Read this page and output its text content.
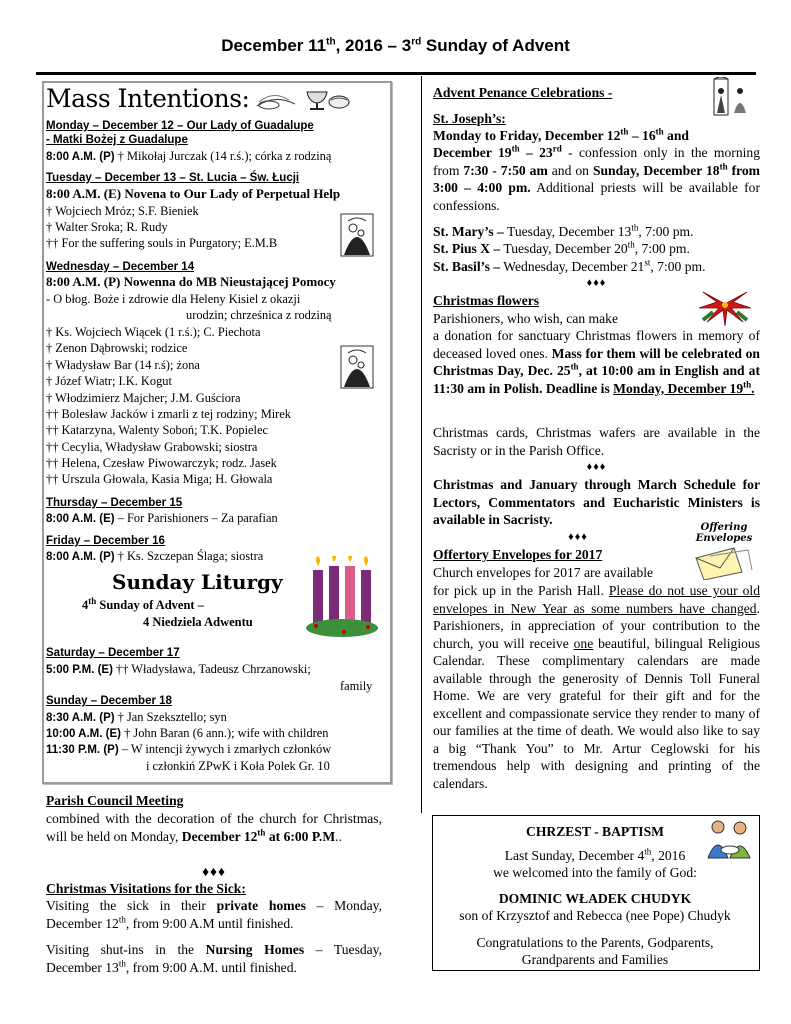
December 11th, 2016 – 3rd Sunday of Advent
Mass Intentions:
Monday – December 12 – Our Lady of Guadalupe
- Matki Bożej z Guadalupe
8:00 A.M. (P) † Mikołaj Jurczak (14 r.ś.); córka z rodziną
Tuesday – December 13 – St. Lucia – Św. Łucji
8:00 A.M. (E) Novena to Our Lady of Perpetual Help
† Wojciech Mróz; S.F. Bieniek
† Walter Sroka; R. Rudy
†† For the suffering souls in Purgatory; E.M.B
Wednesday – December 14
8:00 A.M. (P) Nowenna do MB Nieustającej Pomocy
- O błog. Boże i zdrowie dla Heleny Kisiel z okazji
urodzin; chrześnica z rodziną
† Ks. Wojciech Wiącek (1 r.ś.); C. Piechota
† Zenon Dąbrowski; rodzice
† Władysław Bar (14 r.ś); żona
† Józef Wiatr; I.K. Kogut
† Włodzimierz Majcher; J.M. Guściora
†† Bolesław Jacków i zmarli z tej rodziny; Mirek
†† Katarzyna, Walenty Soboń; T.K. Popielec
†† Cecylia, Władysław Grabowski; siostra
†† Helena, Czesław Piwowarczyk; rodz. Jasek
†† Urszula Głowala, Kasia Miga; H. Głowala
Thursday – December 15
8:00 A.M. (E) – For Parishioners – Za parafian
Friday – December 16
8:00 A.M. (P) † Ks. Szczepan Ślaga; siostra
Sunday Liturgy
4th Sunday of Advent –
4 Niedziela Adwentu
Saturday – December 17
5:00 P.M. (E) †† Władysława, Tadeusz Chrzanowski;
family
Sunday – December 18
8:30 A.M. (P) † Jan Szeksztello; syn
10:00 A.M. (E) † John Baran (6 ann.); wife with children
11:30 P.M. (P) – W intencji żywych i zmarłych członków
i członkiń ZPwK i Koła Polek Gr. 10
Parish Council Meeting
combined with the decoration of the church for Christmas, will be held on Monday, December 12th at 6:00 P.M..
♦♦♦
Christmas Visitations for the Sick:
Visiting the sick in their private homes – Monday, December 12th, from 9:00 A.M until finished.
Visiting shut-ins in the Nursing Homes – Tuesday, December 13th, from 9:00 A.M. until finished.
Advent Penance Celebrations -
St. Joseph’s:
Monday to Friday, December 12th – 16th and
December 19th – 23rd - confession only in the morning from 7:30 - 7:50 am and on Sunday, December 18th from 3:00 – 4:00 pm. Additional priests will be available for confessions.
St. Mary’s – Tuesday, December 13th, 7:00 pm.
St. Pius X – Tuesday, December 20th, 7:00 pm.
St. Basil’s – Wednesday, December 21st, 7:00 pm.
♦♦♦
Christmas flowers
Parishioners, who wish, can make
a donation for sanctuary Christmas flowers in memory of deceased loved ones. Mass for them will be celebrated on Christmas Day, Dec. 25th, at 10:00 am in English and at 11:30 am in Polish. Deadline is Monday, December 19th.
Christmas cards, Christmas wafers are available in the Sacristy or in the Parish Office.
♦♦♦
Christmas and January through March Schedule for Lectors, Commentators and Eucharistic Ministers is available in Sacristy.
♦♦♦
Offering
Envelopes
Offertory Envelopes for 2017
Church envelopes for 2017 are available
for pick up in the Parish Hall. Please do not use your old envelopes in New Year as some numbers have changed. Parishioners, in appreciation of your contribution to the church, you will receive one beautiful, bilingual Religious Calendar. These complimentary calendars are made available through the generosity of Dennis Toll Funeral Home. We are very grateful for their gift and for the excellent and compassionate service they render to many of our families at the time of death. We would also like to say a big “Thank You” to Mr. Artur Ceglowski for his tremendous help with designing and printing of the calendars.
CHRZEST - BAPTISM
Last Sunday, December 4th, 2016
we welcomed into the family of God:
DOMINIC WŁADEK CHUDYK
son of Krzysztof and Rebecca (nee Pope) Chudyk
Congratulations to the Parents, Godparents,
Grandparents and Families
